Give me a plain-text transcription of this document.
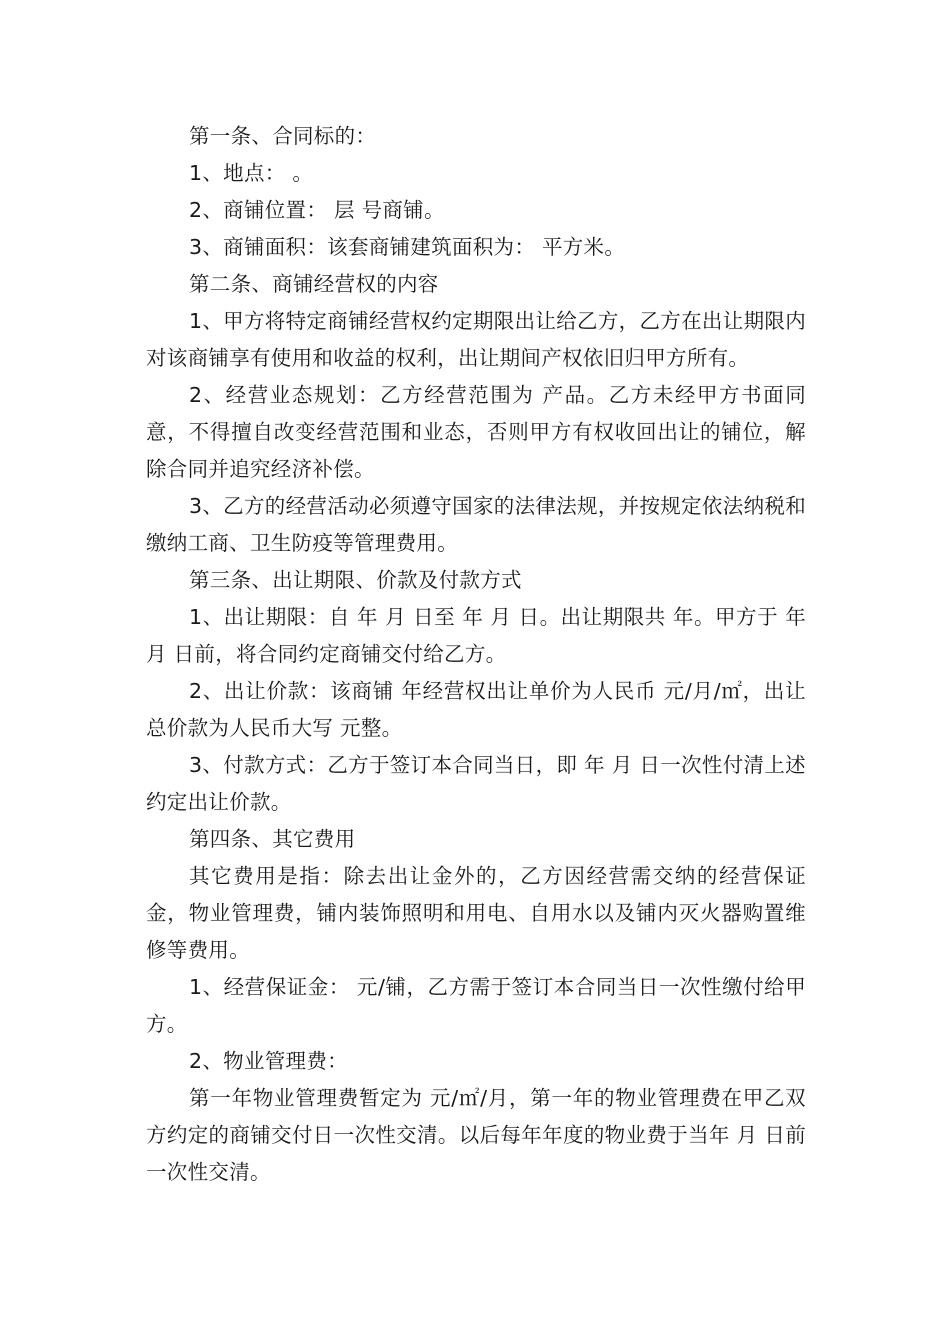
第一条、合同标的：

1、地点： 。

2、商铺位置： 层 号商铺。

3、商铺面积：该套商铺建筑面积为： 平方米。

第二条、商铺经营权的内容

1、甲方将特定商铺经营权约定期限出让给乙方，乙方在出让期限内对该商铺享有使用和收益的权利，出让期间产权依旧归甲方所有。

2、经营业态规划：乙方经营范围为 产品。乙方未经甲方书面同意，不得擅自改变经营范围和业态，否则甲方有权收回出让的铺位，解除合同并追究经济补偿。

3、乙方的经营活动必须遵守国家的法律法规，并按规定依法纳税和缴纳工商、卫生防疫等管理费用。

第三条、出让期限、价款及付款方式

1、出让期限：自 年 月 日至 年 月 日。出让期限共 年。甲方于 年 月 日前，将合同约定商铺交付给乙方。

2、出让价款：该商铺 年经营权出让单价为人民币 元/月/㎡，出让总价款为人民币大写 元整。

3、付款方式：乙方于签订本合同当日，即 年 月 日一次性付清上述约定出让价款。

第四条、其它费用

其它费用是指：除去出让金外的，乙方因经营需交纳的经营保证金，物业管理费，铺内装饰照明和用电、自用水以及铺内灭火器购置维修等费用。

1、经营保证金： 元/铺，乙方需于签订本合同当日一次性缴付给甲方。

2、物业管理费：

第一年物业管理费暂定为 元/㎡/月，第一年的物业管理费在甲乙双方约定的商铺交付日一次性交清。以后每年年度的物业费于当年 月 日前一次性交清。
